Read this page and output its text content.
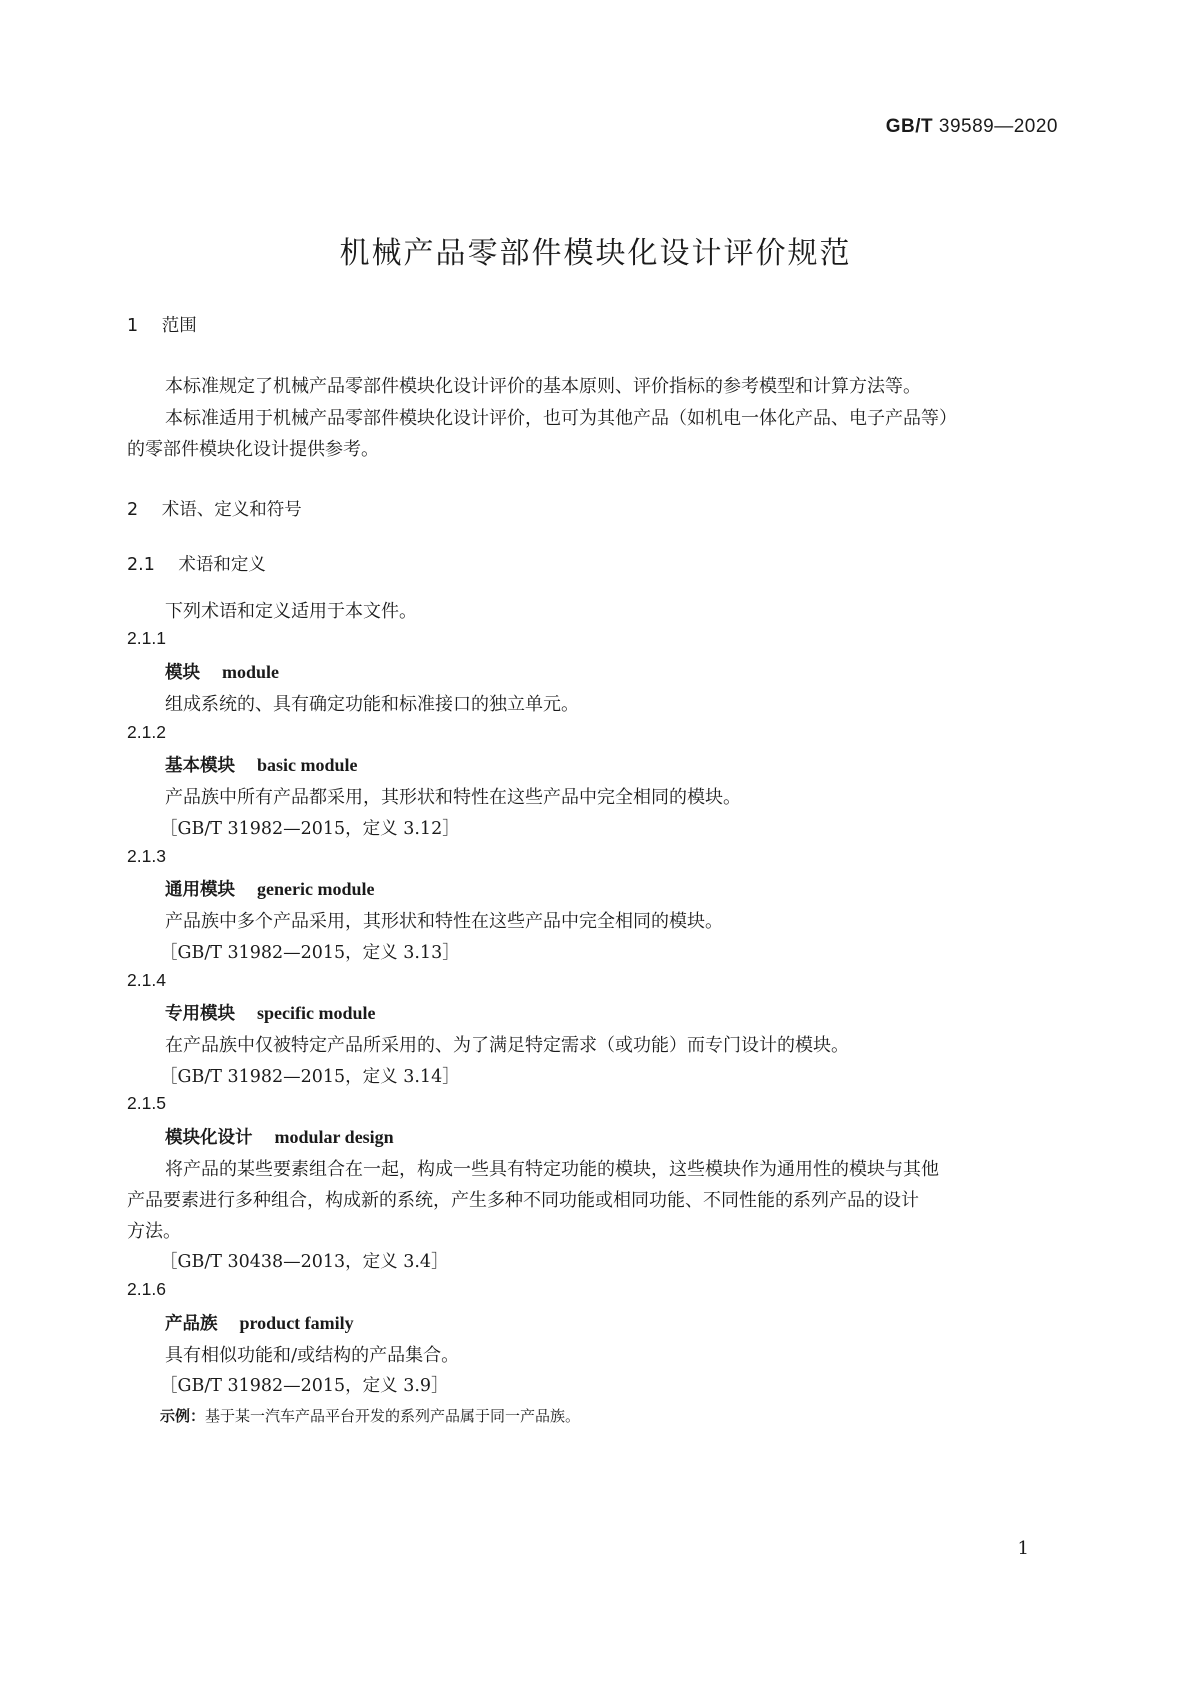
GB/T 39589—2020
机械产品零部件模块化设计评价规范
1 范围
本标准规定了机械产品零部件模块化设计评价的基本原则、评价指标的参考模型和计算方法等。
本标准适用于机械产品零部件模块化设计评价，也可为其他产品（如机电一体化产品、电子产品等）
的零部件模块化设计提供参考。
2 术语、定义和符号
2.1 术语和定义
下列术语和定义适用于本文件。
2.1.1
模块 module
组成系统的、具有确定功能和标准接口的独立单元。
2.1.2
基本模块 basic module
产品族中所有产品都采用，其形状和特性在这些产品中完全相同的模块。
［GB/T 31982—2015，定义 3.12］
2.1.3
通用模块 generic module
产品族中多个产品采用，其形状和特性在这些产品中完全相同的模块。
［GB/T 31982—2015，定义 3.13］
2.1.4
专用模块 specific module
在产品族中仅被特定产品所采用的、为了满足特定需求（或功能）而专门设计的模块。
［GB/T 31982—2015，定义 3.14］
2.1.5
模块化设计 modular design
将产品的某些要素组合在一起，构成一些具有特定功能的模块，这些模块作为通用性的模块与其他
产品要素进行多种组合，构成新的系统，产生多种不同功能或相同功能、不同性能的系列产品的设计
方法。
［GB/T 30438—2013，定义 3.4］
2.1.6
产品族 product family
具有相似功能和/或结构的产品集合。
［GB/T 31982—2015，定义 3.9］
示例：基于某一汽车产品平台开发的系列产品属于同一产品族。
1
